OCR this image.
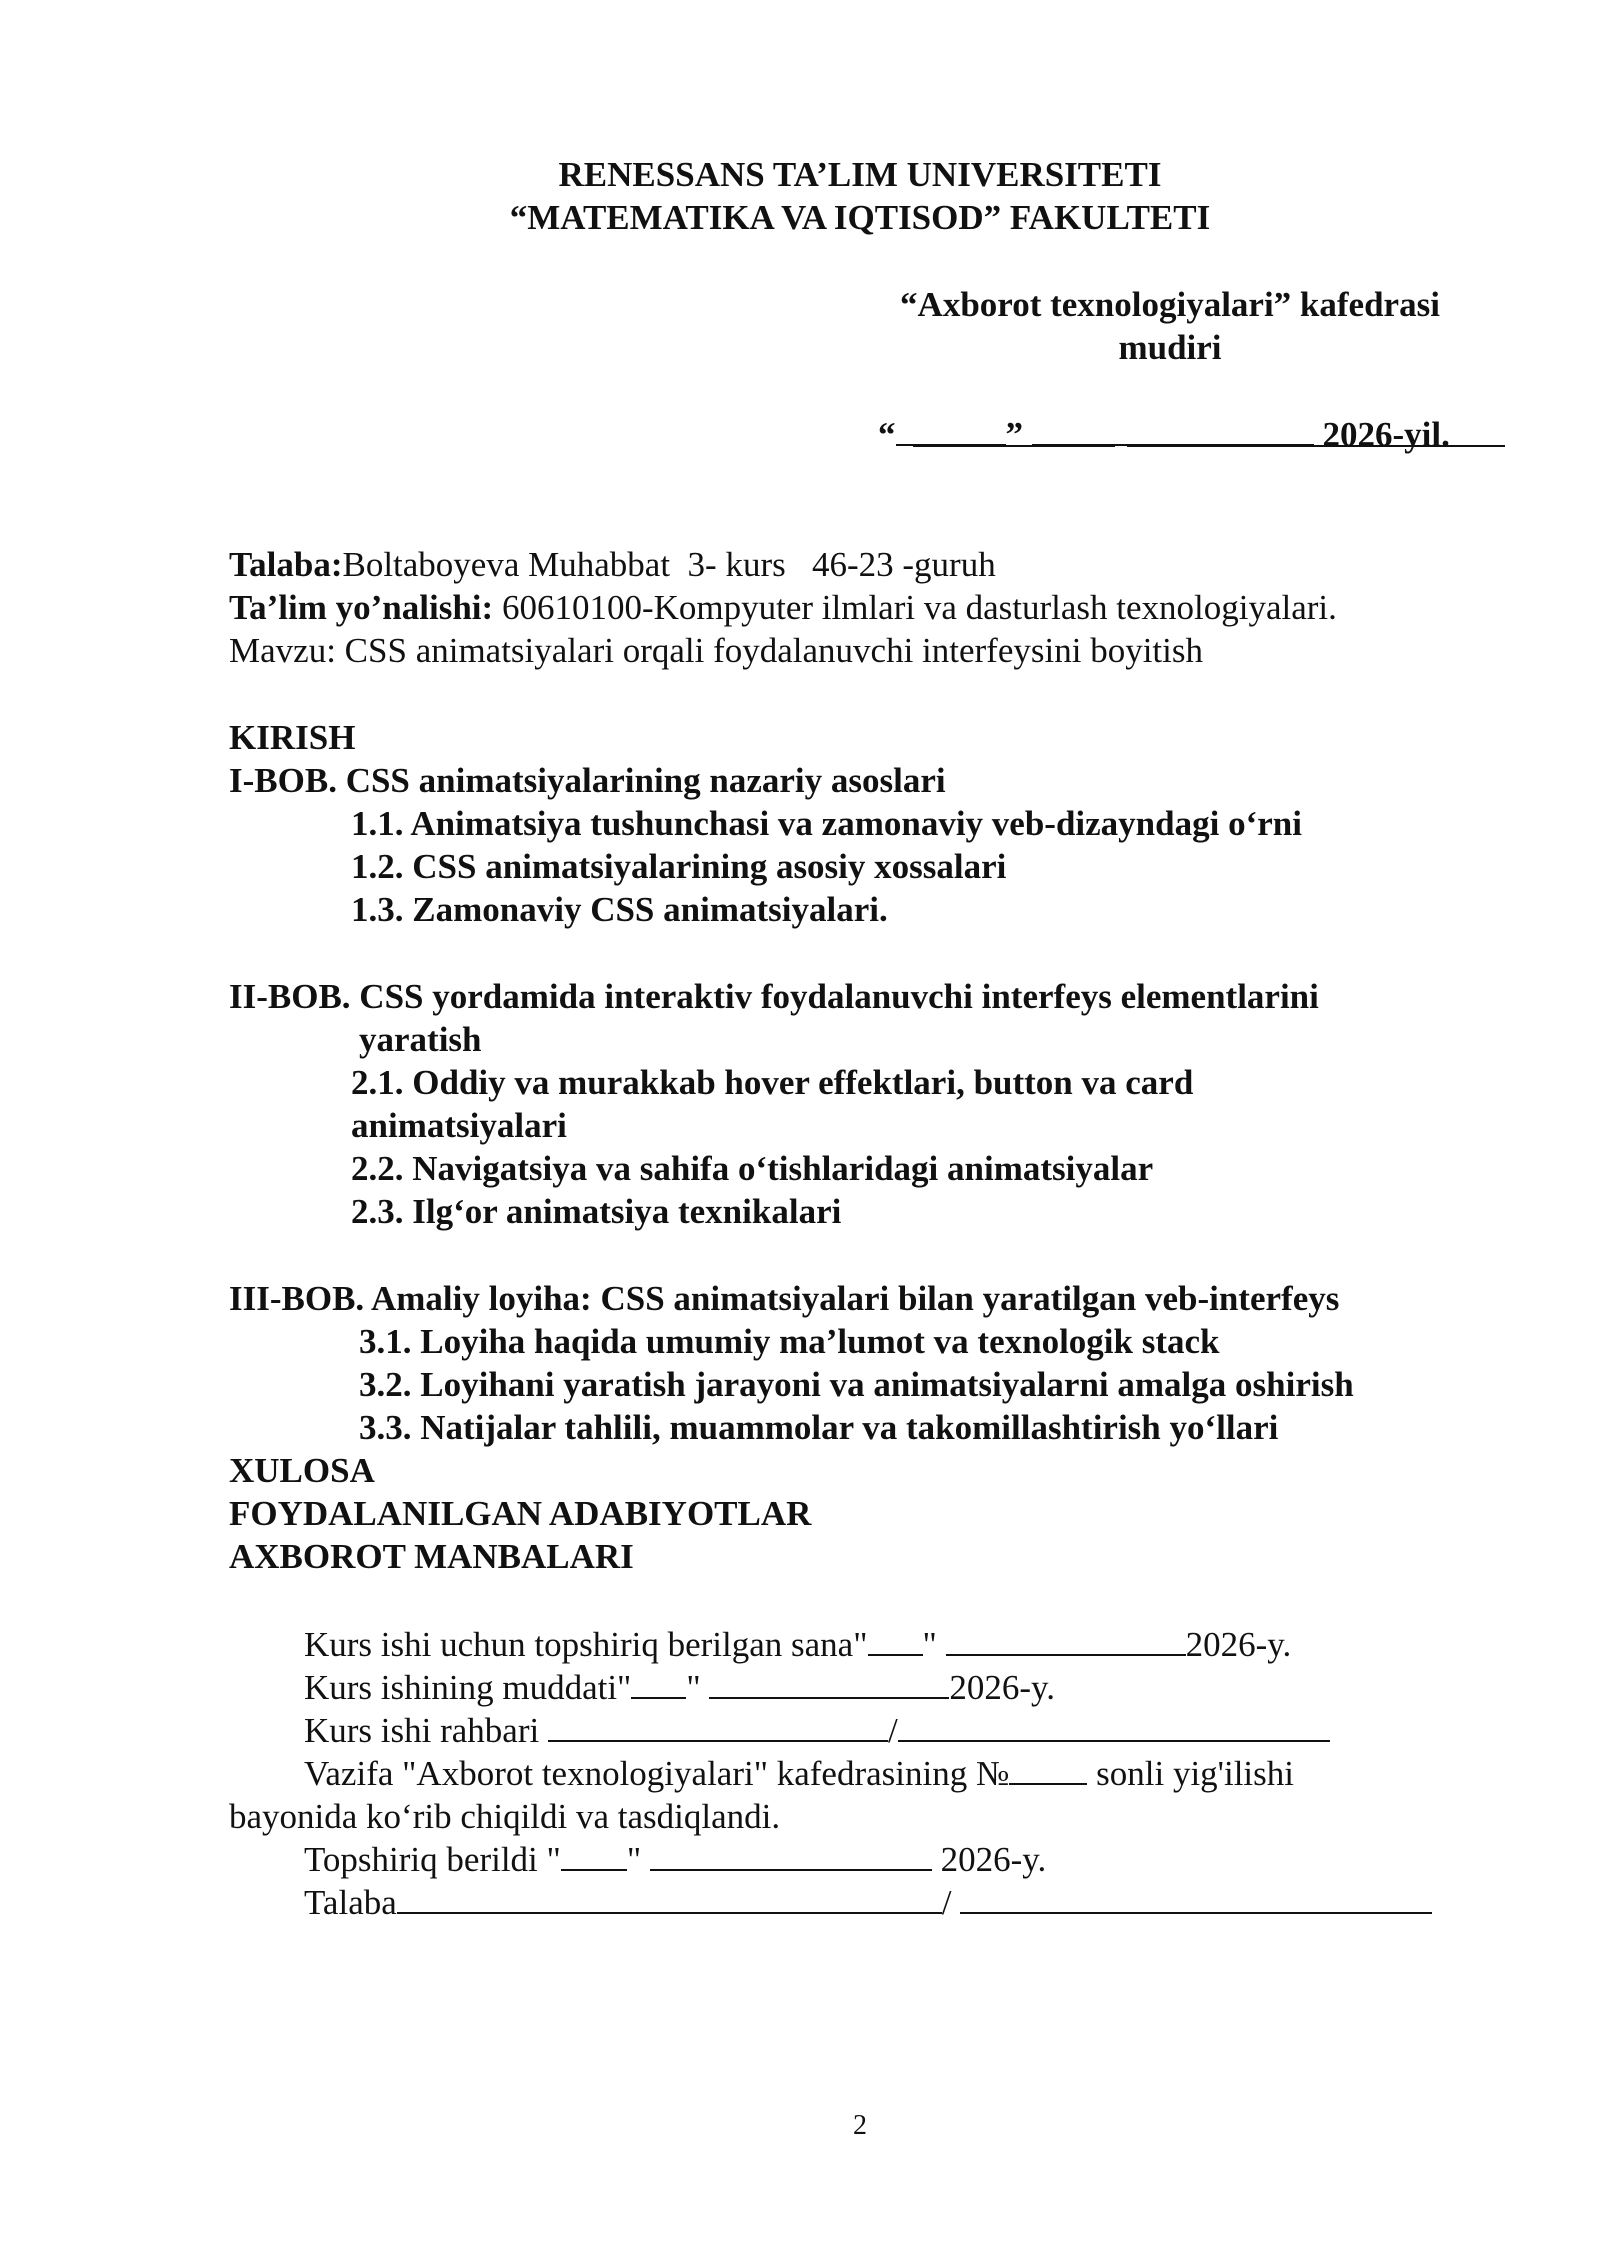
RENESSANS TA’LIM UNIVERSITETI
“MATEMATIKA VA IQTISOD” FAKULTETI
“Axborot texnologiyalari” kafedrasi
mudiri

“	”	2026-yil.
Talaba:Boltaboyeva Muhabbat  3- kurs   46-23 -guruh
Ta’lim yo’nalishi: 60610100-Kompyuter ilmlari va dasturlash texnologiyalari.
Mavzu: CSS animatsiyalari orqali foydalanuvchi interfeysini boyitish
KIRISH
I-BOB. CSS animatsiyalarining nazariy asoslari
1.1. Animatsiya tushunchasi va zamonaviy veb-dizayndagi o‘rni
1.2. CSS animatsiyalarining asosiy xossalari
1.3. Zamonaviy CSS animatsiyalari.
II-BOB. CSS yordamida interaktiv foydalanuvchi interfeys elementlarini
yaratish
2.1. Oddiy va murakkab hover effektlari, button va card
animatsiyalari
2.2. Navigatsiya va sahifa o‘tishlaridagi animatsiyalar
2.3. Ilg‘or animatsiya texnikalari
III-BOB. Amaliy loyiha: CSS animatsiyalari bilan yaratilgan veb-interfeys
3.1. Loyiha haqida umumiy ma’lumot va texnologik stack
3.2. Loyihani yaratish jarayoni va animatsiyalarni amalga oshirish
3.3. Natijalar tahlili, muammolar va takomillashtirish yo‘llari
XULOSA
FOYDALANILGAN ADABIYOTLAR
AXBOROT MANBALARI
Kurs ishi uchun topshiriq berilgan sana" "	2026-y.
Kurs ishining muddati" "	2026-y.
Kurs ishi rahbari	/
Vazifa "Axborot texnologiyalari" kafedrasining № sonli yig'ilishi
bayonida ko‘rib chiqildi va tasdiqlandi.
Topshiriq berildi " "	2026-y.
Talaba	/
2
